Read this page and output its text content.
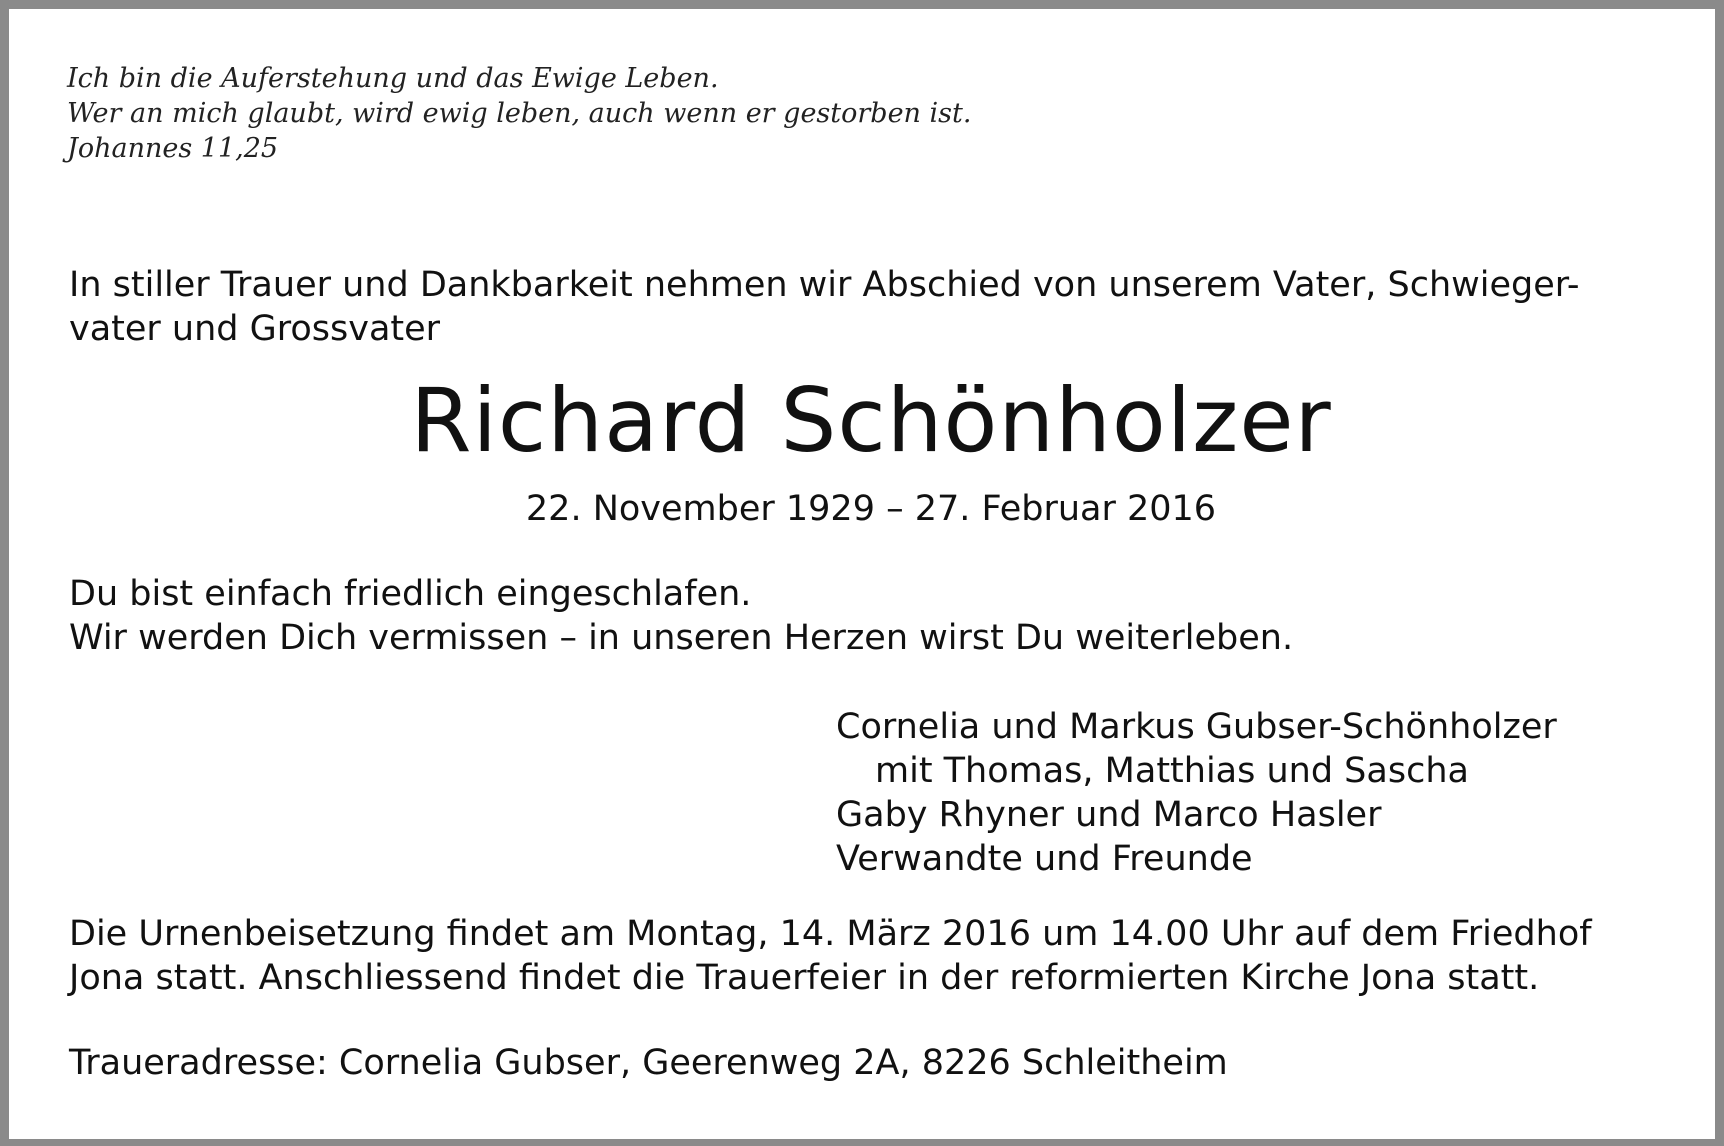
Ich bin die Auferstehung und das Ewige Leben.
Wer an mich glaubt, wird ewig leben, auch wenn er gestorben ist.
Johannes 11,25
In stiller Trauer und Dankbarkeit nehmen wir Abschied von unserem Vater, Schwieger-
vater und Grossvater
Richard Schönholzer
22. November 1929 – 27. Februar 2016
Du bist einfach friedlich eingeschlafen.
Wir werden Dich vermissen – in unseren Herzen wirst Du weiterleben.
Cornelia und Markus Gubser-Schönholzer
mit Thomas, Matthias und Sascha
Gaby Rhyner und Marco Hasler
Verwandte und Freunde
Die Urnenbeisetzung findet am Montag, 14. März 2016 um 14.00 Uhr auf dem Friedhof
Jona statt. Anschliessend findet die Trauerfeier in der reformierten Kirche Jona statt.
Traueradresse: Cornelia Gubser, Geerenweg 2A, 8226 Schleitheim
